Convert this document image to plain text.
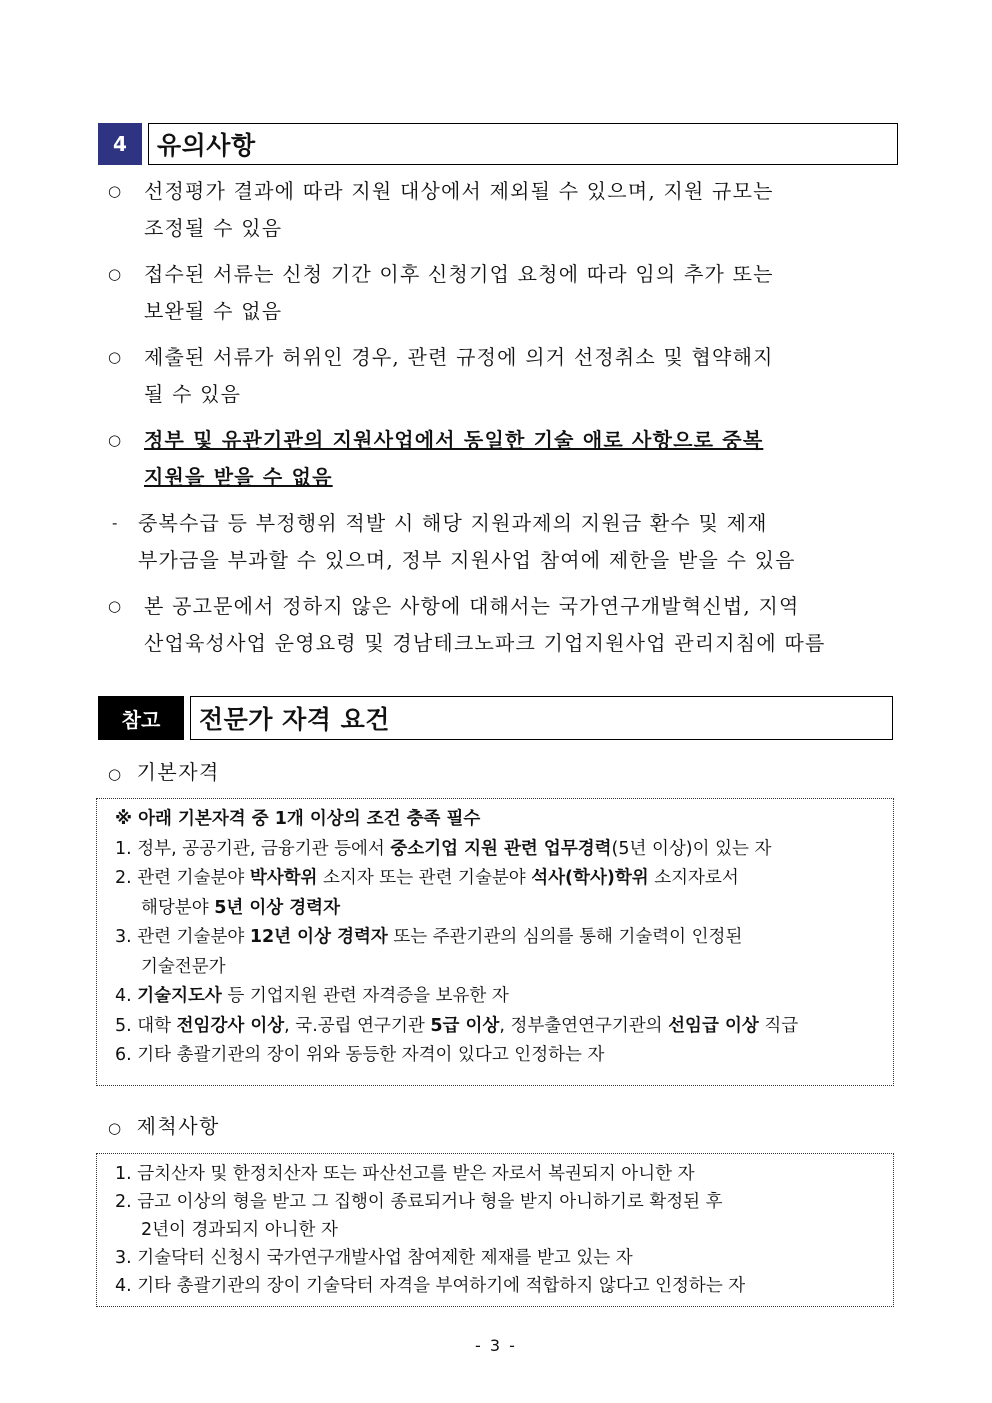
4	유의사항
○	선정평가 결과에 따라 지원 대상에서 제외될 수 있으며, 지원 규모는
조정될 수 있음
○	접수된 서류는 신청 기간 이후 신청기업 요청에 따라 임의 추가 또는
보완될 수 없음
○	제출된 서류가 허위인 경우, 관련 규정에 의거 선정취소 및 협약해지
될 수 있음
○	정부 및 유관기관의 지원사업에서 동일한 기술 애로 사항으로 중복
지원을 받을 수 없음
- 중복수급 등 부정행위 적발 시 해당 지원과제의 지원금 환수 및 제재
부가금을 부과할 수 있으며, 정부 지원사업 참여에 제한을 받을 수 있음
○	본 공고문에서 정하지 않은 사항에 대해서는 국가연구개발혁신법, 지역
산업육성사업 운영요령 및 경남테크노파크 기업지원사업 관리지침에 따름
참고	전문가 자격 요건
○ 기본자격
※ 아래 기본자격 중 1개 이상의 조건 충족 필수
1. 정부, 공공기관, 금융기관 등에서 중소기업 지원 관련 업무경력(5년 이상)이 있는 자
2. 관련 기술분야 박사학위 소지자 또는 관련 기술분야 석사(학사)학위 소지자로서
해당분야 5년 이상 경력자
3. 관련 기술분야 12년 이상 경력자 또는 주관기관의 심의를 통해 기술력이 인정된
기술전문가
4. 기술지도사 등 기업지원 관련 자격증을 보유한 자
5. 대학 전임강사 이상, 국.공립 연구기관 5급 이상, 정부출연연구기관의 선임급 이상 직급
6. 기타 총괄기관의 장이 위와 동등한 자격이 있다고 인정하는 자
○ 제척사항
1. 금치산자 및 한정치산자 또는 파산선고를 받은 자로서 복권되지 아니한 자
2. 금고 이상의 형을 받고 그 집행이 종료되거나 형을 받지 아니하기로 확정된 후
2년이 경과되지 아니한 자
3. 기술닥터 신청시 국가연구개발사업 참여제한 제재를 받고 있는 자
4. 기타 총괄기관의 장이 기술닥터 자격을 부여하기에 적합하지 않다고 인정하는 자
- 3 -
